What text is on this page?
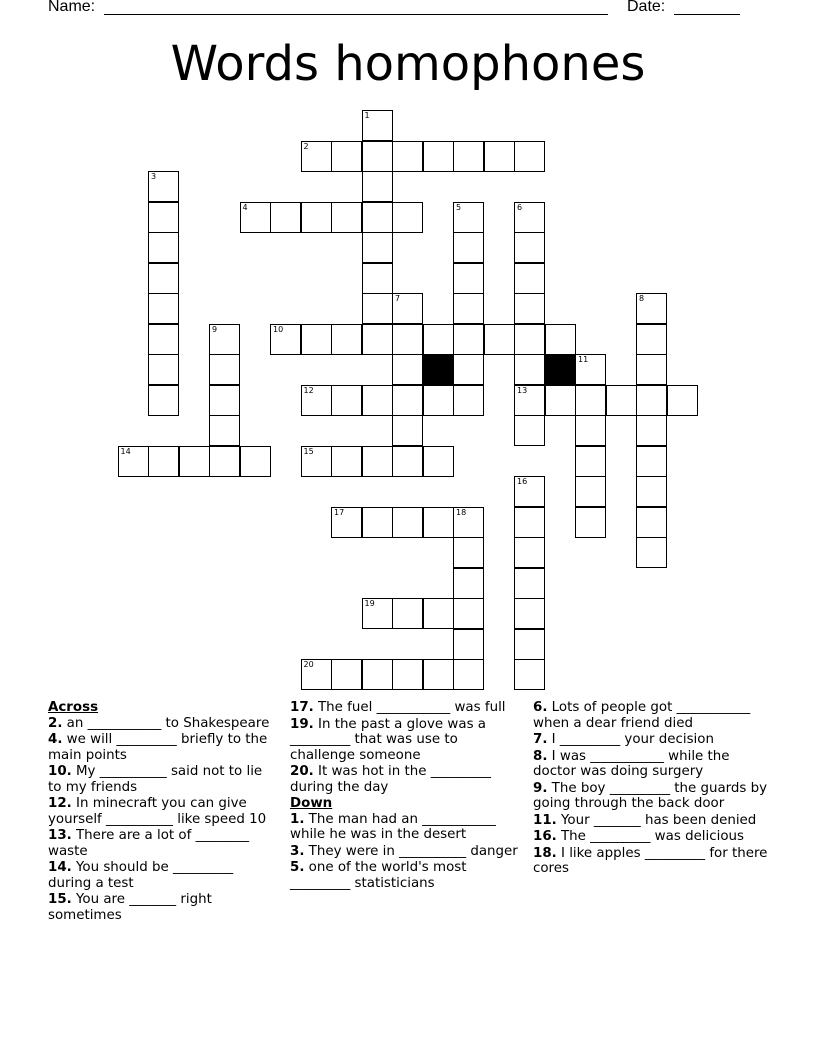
Name:	Date:
Words homophones
1
2
3
4	5	6
7	8
9	10
11
12	13
14	15
16
17	18
19
20

Across

2. an ___________ to Shakespeare

4. we will _________ briefly to the main points

10. My __________ said not to lie to my friends

12. In minecraft you can give yourself __________ like speed 10

13. There are a lot of ________ waste

14. You should be _________ during a test

15. You are _______ right sometimes

17. The fuel ___________ was full

19. In the past a glove was a _________ that was use to challenge someone

20. It was hot in the _________ during the day

Down

1. The man had an ___________ while he was in the desert

3. They were in __________ danger

5. one of the world's most _________ statisticians

6. Lots of people got ___________ when a dear friend died

7. I _________ your decision

8. I was ___________ while the doctor was doing surgery

9. The boy _________ the guards by going through the back door

11. Your _______ has been denied

16. The _________ was delicious

18. I like apples _________ for there cores
